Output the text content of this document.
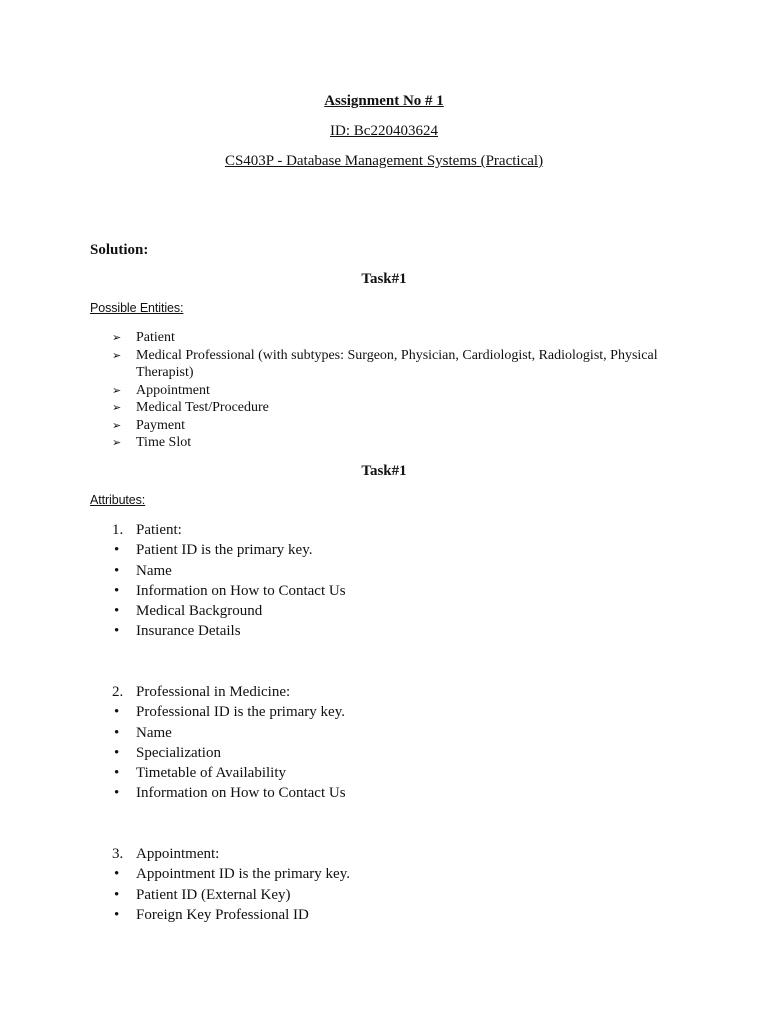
Assignment No # 1
ID: Bc220403624
CS403P - Database Management Systems (Practical)
Solution:
Task#1
Possible Entities:
➢ Patient
➢ Medical Professional (with subtypes: Surgeon, Physician, Cardiologist, Radiologist, Physical Therapist)
➢ Appointment
➢ Medical Test/Procedure
➢ Payment
➢ Time Slot
Task#1
Attributes:
1. Patient:
• Patient ID is the primary key.
• Name
• Information on How to Contact Us
• Medical Background
• Insurance Details
2. Professional in Medicine:
• Professional ID is the primary key.
• Name
• Specialization
• Timetable of Availability
• Information on How to Contact Us
3. Appointment:
• Appointment ID is the primary key.
• Patient ID (External Key)
• Foreign Key Professional ID
